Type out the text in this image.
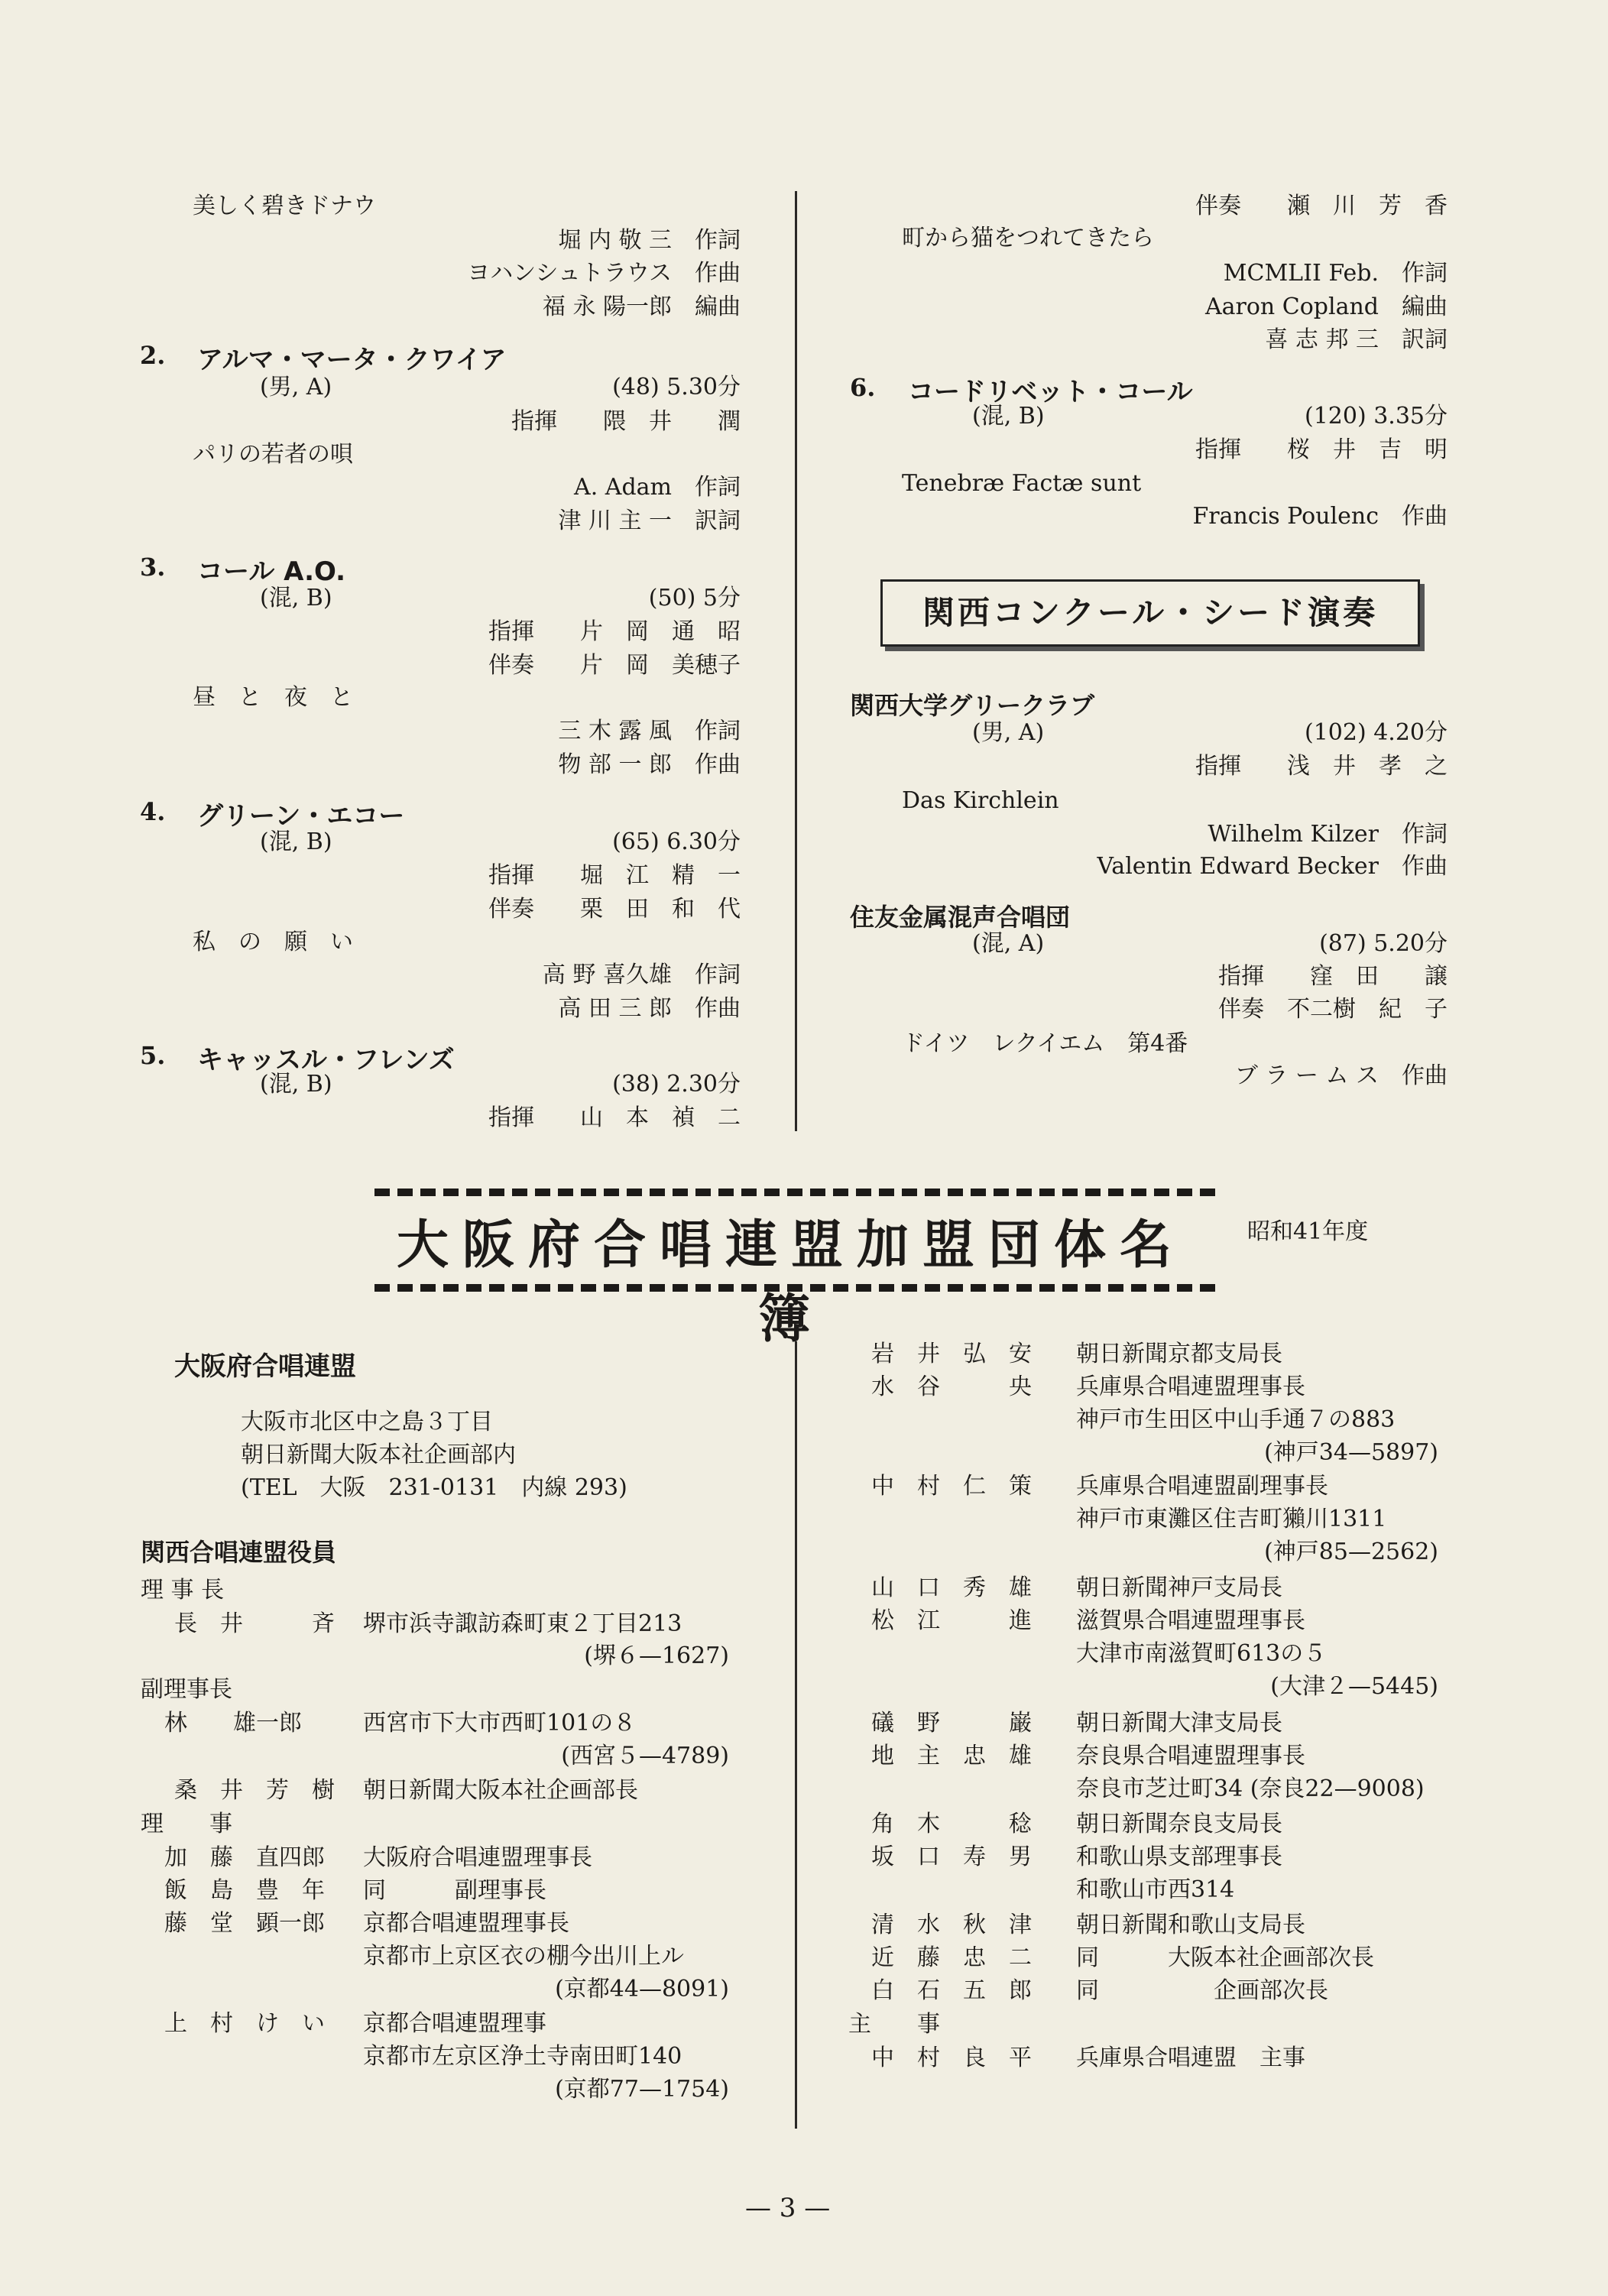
美しく碧きドナウ
堀 内 敬 三　作詞
ヨハンシュトラウス　作曲
福 永 陽一郎　編曲
2. アルマ・マータ・クワイア
(男, A)	(48) 5.30分
指揮　　隈　井　　潤
パリの若者の唄
A. Adam　作詞
津 川 主 一　訳詞
3. コール A.O.
(混, B)	(50) 5分
指揮　　片　岡　通　昭
伴奏　　片　岡　美穂子
昼　と　夜　と
三 木 露 風　作詞
物 部 一 郎　作曲
4. グリーン・エコー
(混, B)	(65) 6.30分
指揮　　堀　江　精　一
伴奏　　栗　田　和　代
私　の　願　い
高 野 喜久雄　作詞
高 田 三 郎　作曲
5. キャッスル・フレンズ
(混, B)	(38) 2.30分
指揮　　山　本　禎　二
伴奏　　瀬　川　芳　香
町から猫をつれてきたら
MCMLII Feb.　作詞
Aaron Copland　編曲
喜 志 邦 三　訳詞
6. コードリベット・コール
(混, B)	(120) 3.35分
指揮　　桜　井　吉　明
Tenebræ Factæ sunt
Francis Poulenc　作曲
関西コンクール・シード演奏
関西大学グリークラブ
(男, A)	(102) 4.20分
指揮　　浅　井　孝　之
Das Kirchlein
Wilhelm Kilzer　作詞
Valentin Edward Becker　作曲
住友金属混声合唱団
(混, A)	(87) 5.20分
指揮　　窪　田　　譲
伴奏　不二樹　紀　子
ドイツ　レクイエム　第4番
ブ ラ ー ム ス　作曲
大阪府合唱連盟加盟団体名簿
昭和41年度
大阪府合唱連盟
大阪市北区中之島３丁目
朝日新聞大阪本社企画部内
(TEL　大阪　231-0131　内線 293)
関西合唱連盟役員
理 事 長
長　井　　　斉 堺市浜寺諏訪森町東２丁目213
(堺６—1627)
副理事長
林　　雄一郎	西宮市下大市西町101の８
(西宮５—4789)
桑　井　芳　樹 朝日新聞大阪本社企画部長
理　　事
加　藤　直四郎 大阪府合唱連盟理事長
飯　島　豊　年 同　　　副理事長
藤　堂　顕一郎 京都合唱連盟理事長
京都市上京区衣の棚今出川上ル
(京都44—8091)
上　村　け　い 京都合唱連盟理事
京都市左京区浄土寺南田町140
(京都77—1754)
岩　井　弘　安 朝日新聞京都支局長
水　谷　　　央 兵庫県合唱連盟理事長
神戸市生田区中山手通７の883
(神戸34—5897)
中　村　仁　策 兵庫県合唱連盟副理事長
神戸市東灘区住吉町獺川1311
(神戸85—2562)
山　口　秀　雄 朝日新聞神戸支局長
松　江　　　進 滋賀県合唱連盟理事長
大津市南滋賀町613の５
(大津２—5445)
礒　野　　　巌 朝日新聞大津支局長
地　主　忠　雄 奈良県合唱連盟理事長
奈良市芝辻町34 (奈良22—9008)
角　木　　　稔 朝日新聞奈良支局長
坂　口　寿　男 和歌山県支部理事長
和歌山市西314
清　水　秋　津 朝日新聞和歌山支局長
近　藤　忠　二 同　　　大阪本社企画部次長
白　石　五　郎 同　　　　　企画部次長
主　　事
中　村　良　平 兵庫県合唱連盟　主事
— 3 —
